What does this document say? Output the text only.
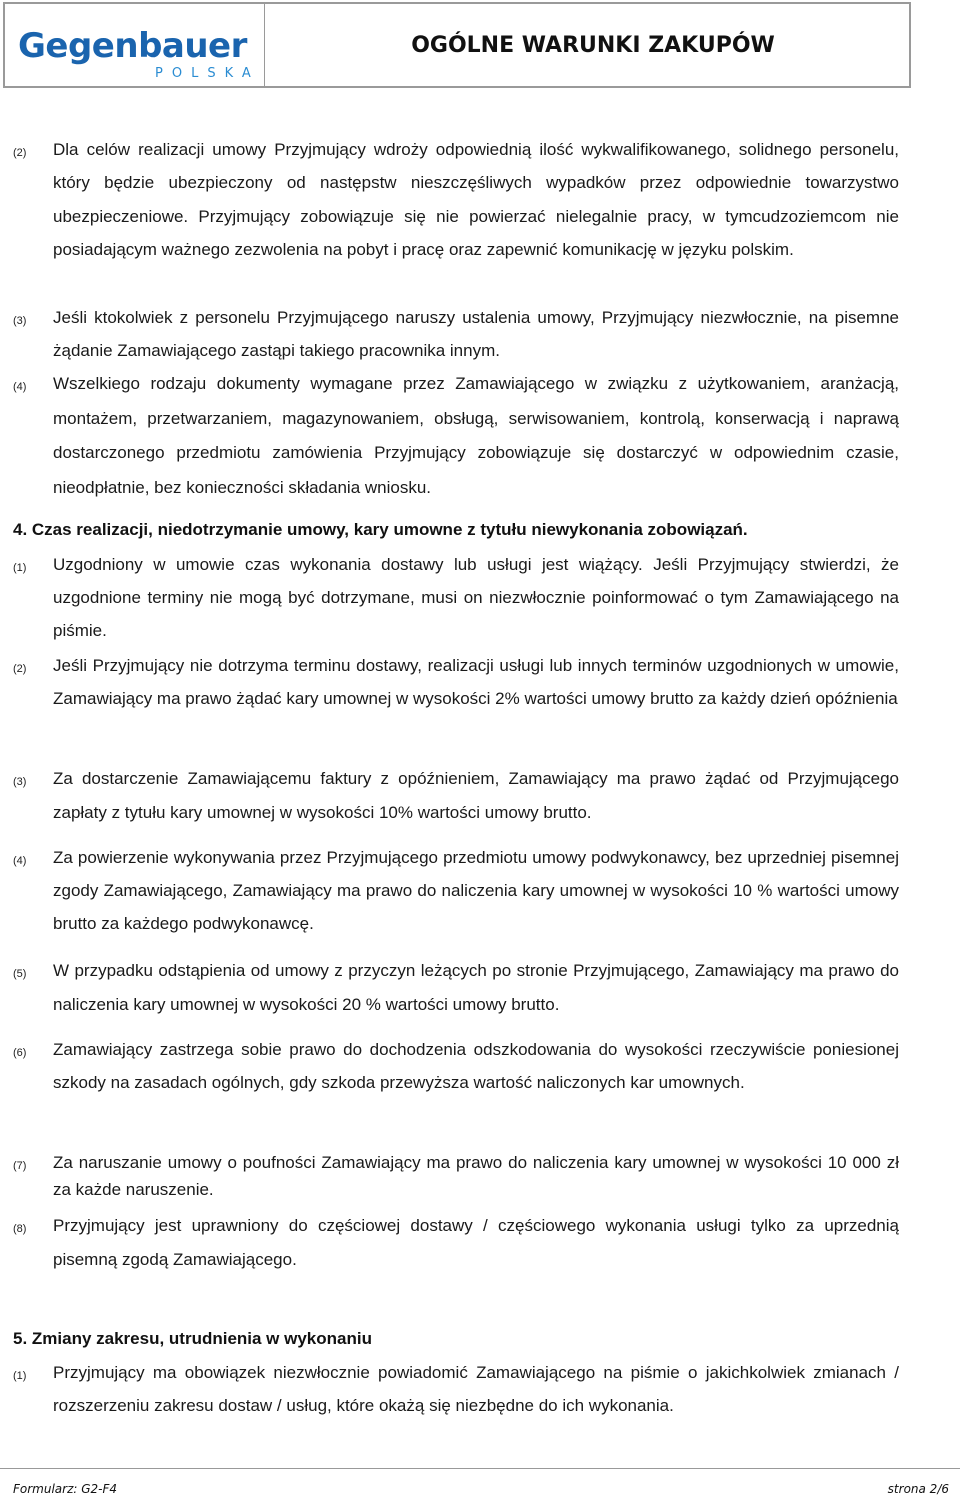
Gegenbauer
POLSKA
OGÓLNE WARUNKI ZAKUPÓW
(2) Dla celów realizacji umowy Przyjmujący wdroży odpowiednią ilość wykwalifikowanego, solidnego personelu, który będzie ubezpieczony od następstw nieszczęśliwych wypadków przez odpowiednie towarzystwo ubezpieczeniowe. Przyjmujący zobowiązuje się nie powierzać nielegalnie pracy, w tymcudzoziemcom nie posiadającym ważnego zezwolenia na pobyt i pracę oraz zapewnić komunikację w języku polskim.
(3) Jeśli ktokolwiek z personelu Przyjmującego naruszy ustalenia umowy, Przyjmujący niezwłocznie, na pisemne żądanie Zamawiającego zastąpi takiego pracownika innym.
(4) Wszelkiego rodzaju dokumenty wymagane przez Zamawiającego w związku z użytkowaniem, aranżacją, montażem, przetwarzaniem, magazynowaniem, obsługą, serwisowaniem, kontrolą, konserwacją i naprawą dostarczonego przedmiotu zamówienia Przyjmujący zobowiązuje się dostarczyć w odpowiednim czasie, nieodpłatnie, bez konieczności składania wniosku.
4. Czas realizacji, niedotrzymanie umowy, kary umowne z tytułu niewykonania zobowiązań.
(1) Uzgodniony w umowie czas wykonania dostawy lub usługi jest wiążący. Jeśli Przyjmujący stwierdzi, że uzgodnione terminy nie mogą być dotrzymane, musi on niezwłocznie poinformować o tym Zamawiającego na piśmie.
(2) Jeśli Przyjmujący nie dotrzyma terminu dostawy, realizacji usługi lub innych terminów uzgodnionych w umowie, Zamawiający ma prawo żądać kary umownej w wysokości 2% wartości umowy brutto za każdy dzień opóźnienia
(3) Za dostarczenie Zamawiającemu faktury z opóźnieniem, Zamawiający ma prawo żądać od Przyjmującego zapłaty z tytułu kary umownej w wysokości 10% wartości umowy brutto.
(4) Za powierzenie wykonywania przez Przyjmującego przedmiotu umowy podwykonawcy, bez uprzedniej pisemnej zgody Zamawiającego, Zamawiający ma prawo do naliczenia kary umownej w wysokości 10 % wartości umowy brutto za każdego podwykonawcę.
(5) W przypadku odstąpienia od umowy z przyczyn leżących po stronie Przyjmującego, Zamawiający ma prawo do naliczenia kary umownej w wysokości 20 % wartości umowy brutto.
(6) Zamawiający zastrzega sobie prawo do dochodzenia odszkodowania do wysokości rzeczywiście poniesionej szkody na zasadach ogólnych, gdy szkoda przewyższa wartość naliczonych kar umownych.
(7) Za naruszanie umowy o poufności Zamawiający ma prawo do naliczenia kary umownej w wysokości 10 000 zł za każde naruszenie.
(8) Przyjmujący jest uprawniony do częściowej dostawy / częściowego wykonania usługi tylko za uprzednią pisemną zgodą Zamawiającego.
5. Zmiany zakresu, utrudnienia w wykonaniu
(1) Przyjmujący ma obowiązek niezwłocznie powiadomić Zamawiającego na piśmie o jakichkolwiek zmianach / rozszerzeniu zakresu dostaw / usług, które okażą się niezbędne do ich wykonania.
Formularz: G2-F4	strona 2/6
